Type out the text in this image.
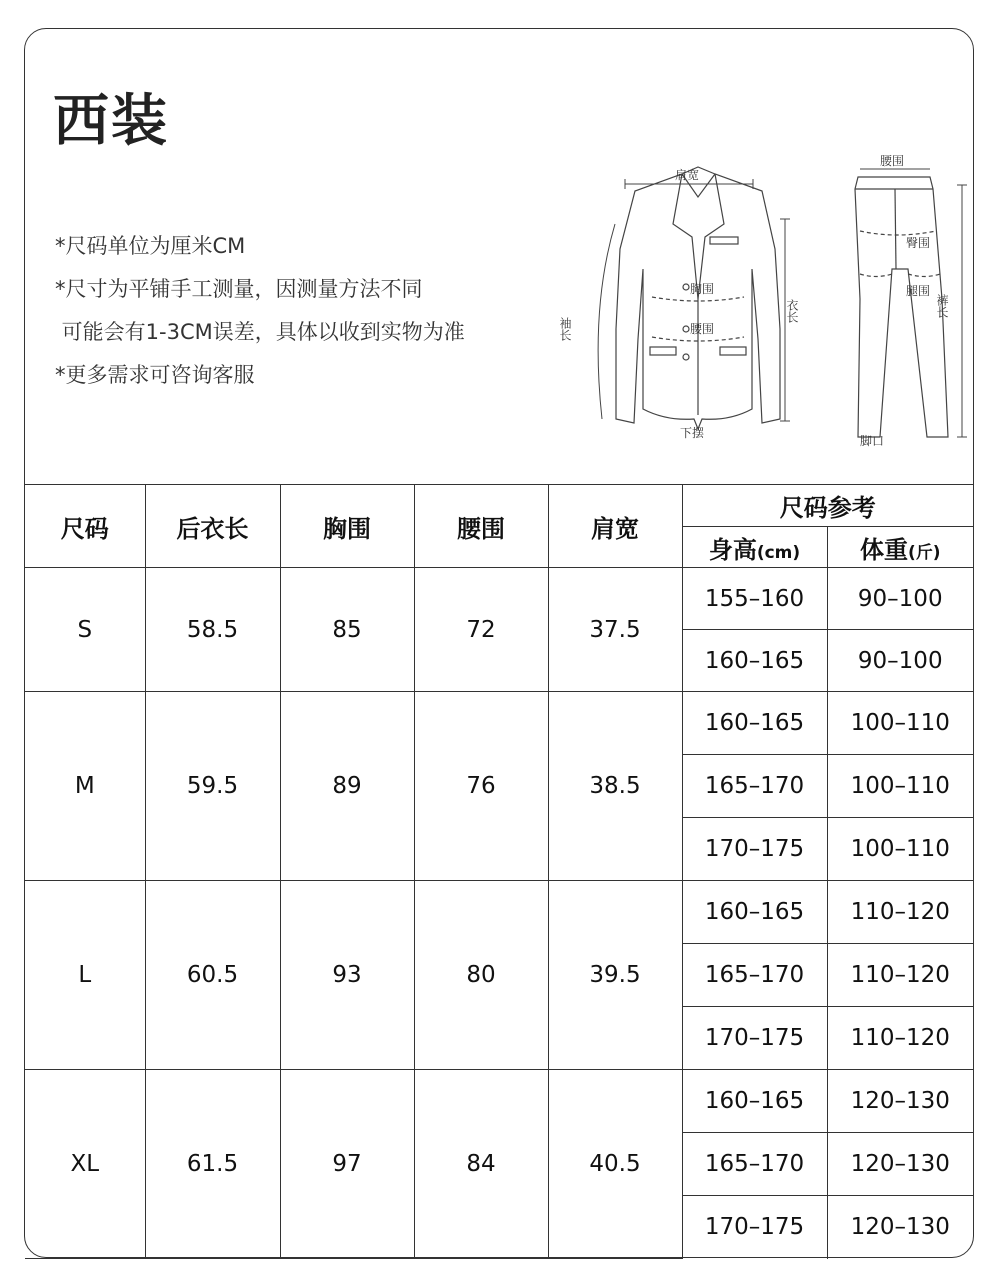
西装
*尺码单位为厘米CM
*尺寸为平铺手工测量，因测量方法不同
可能会有1-3CM误差，具体以收到实物为准
*更多需求可咨询客服
肩宽
胸围
腰围
下摆
袖长
衣长
腰围
臀围
腿围
脚口
裤长
尺码	后衣长	胸围	腰围	肩宽	尺码参考	
					身高(cm)	体重(斤)
S	58.5	85	72	37.5	155–160	90–100
					160–165	90–100
M	59.5	89	76	38.5	160–165	100–110
					165–170	100–110
					170–175	100–110
L	60.5	93	80	39.5	160–165	110–120
					165–170	110–120
					170–175	110–120
XL	61.5	97	84	40.5	160–165	120–130
					165–170	120–130
					170–175	120–130
